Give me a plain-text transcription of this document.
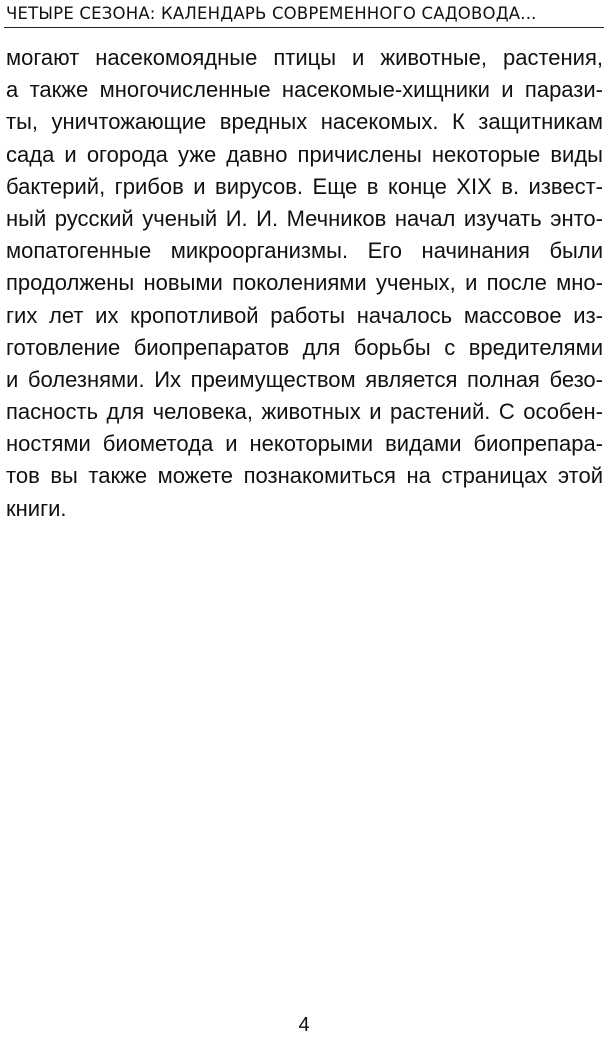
ЧЕТЫРЕ СЕЗОНА: КАЛЕНДАРЬ СОВРЕМЕННОГО САДОВОДА...
могают насекомоядные птицы и животные, растения,
а также многочисленные насекомые-хищники и парази-
ты, уничтожающие вредных насекомых. К защитникам
сада и огорода уже давно причислены некоторые виды
бактерий, грибов и вирусов. Еще в конце XIX в. извест-
ный русский ученый И. И. Мечников начал изучать энто-
мопатогенные микроорганизмы. Его начинания были
продолжены новыми поколениями ученых, и после мно-
гих лет их кропотливой работы началось массовое из-
готовление биопрепаратов для борьбы с вредителями
и болезнями. Их преимуществом является полная безо-
пасность для человека, животных и растений. С особен-
ностями биометода и некоторыми видами биопрепара-
тов вы также можете познакомиться на страницах этой
книги.
4
